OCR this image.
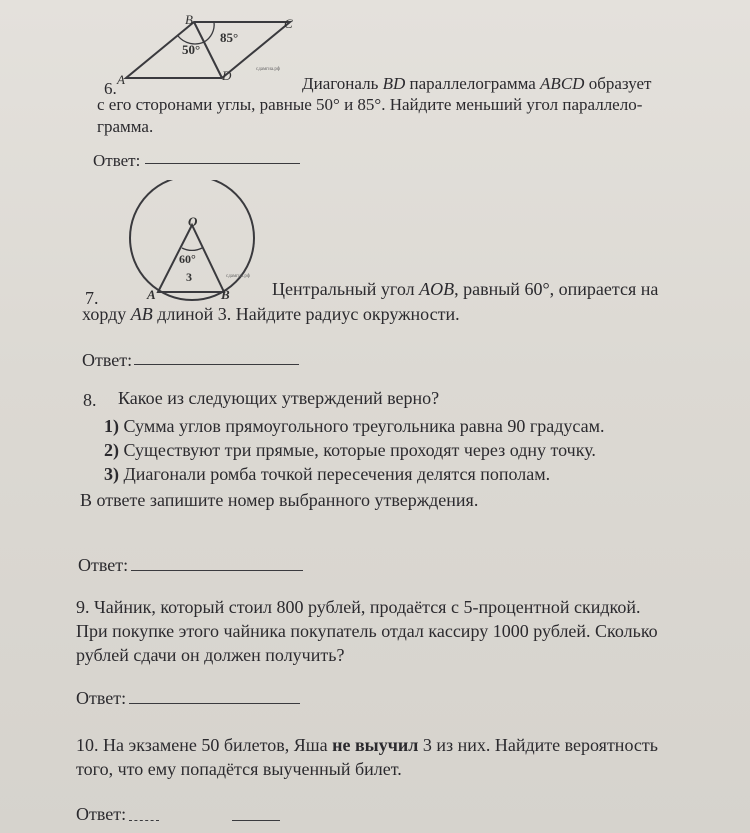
50°
85°
B	C
A	D	сдамгиа.рф
6.	Диагональ BD параллелограмма ABCD образует
с его сторонами углы, равные 50° и 85°. Найдите меньший угол параллело-
грамма.
Ответ:
O
60°
3
A	B
сдамгиа.рф
7.	Центральный угол AOB, равный 60°, опирается на
хорду AB длиной 3. Найдите радиус окружности.
Ответ:
8. Какое из следующих утверждений верно?
1) Сумма углов прямоугольного треугольника равна 90 градусам.
2) Существуют три прямые, которые проходят через одну точку.
3) Диагонали ромба точкой пересечения делятся пополам.
В ответе запишите номер выбранного утверждения.
Ответ:
9. Чайник, который стоил 800 рублей, продаётся с 5-процентной скидкой.
При покупке этого чайника покупатель отдал кассиру 1000 рублей. Сколько
рублей сдачи он должен получить?
Ответ:
10. На экзамене 50 билетов, Яша не выучил 3 из них. Найдите вероятность
того, что ему попадётся выученный билет.
Ответ:
